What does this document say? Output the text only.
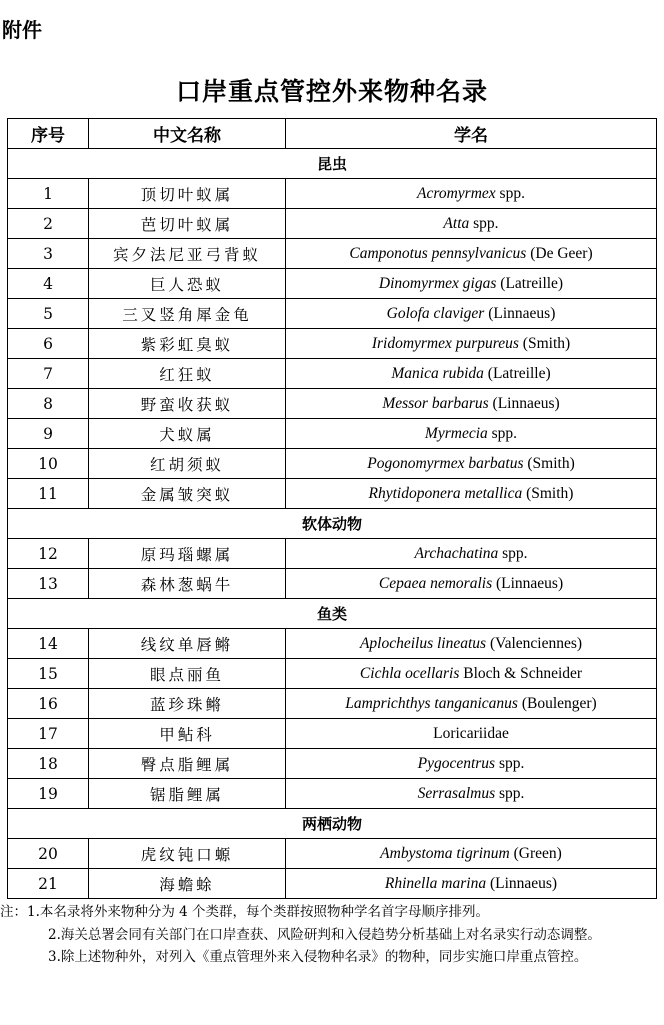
附件
口岸重点管控外来物种名录
序号	中文名称	学名
昆虫		
1	顶切叶蚁属	Acromyrmex spp.
2	芭切叶蚁属	Atta spp.
3	宾夕法尼亚弓背蚁	Camponotus pennsylvanicus (De Geer)
4	巨人恐蚁	Dinomyrmex gigas (Latreille)
5	三叉竖角犀金龟	Golofa claviger (Linnaeus)
6	紫彩虹臭蚁	Iridomyrmex purpureus (Smith)
7	红狂蚁	Manica rubida (Latreille)
8	野蛮收获蚁	Messor barbarus (Linnaeus)
9	犬蚁属	Myrmecia spp.
10	红胡须蚁	Pogonomyrmex barbatus (Smith)
11	金属皱突蚁	Rhytidoponera metallica (Smith)
软体动物		
12	原玛瑙螺属	Archachatina spp.
13	森林葱蜗牛	Cepaea nemoralis (Linnaeus)
鱼类		
14	线纹单唇鳉	Aplocheilus lineatus (Valenciennes)
15	眼点丽鱼	Cichla ocellaris Bloch & Schneider
16	蓝珍珠鳉	Lamprichthys tanganicanus (Boulenger)
17	甲鲇科	Loricariidae
18	臀点脂鲤属	Pygocentrus spp.
19	锯脂鲤属	Serrasalmus spp.
两栖动物		
20	虎纹钝口螈	Ambystoma tigrinum (Green)
21	海蟾蜍	Rhinella marina (Linnaeus)
注：1.本名录将外来物种分为 4 个类群，每个类群按照物种学名首字母顺序排列。
2.海关总署会同有关部门在口岸查获、风险研判和入侵趋势分析基础上对名录实行动态调整。
3.除上述物种外，对列入《重点管理外来入侵物种名录》的物种，同步实施口岸重点管控。
